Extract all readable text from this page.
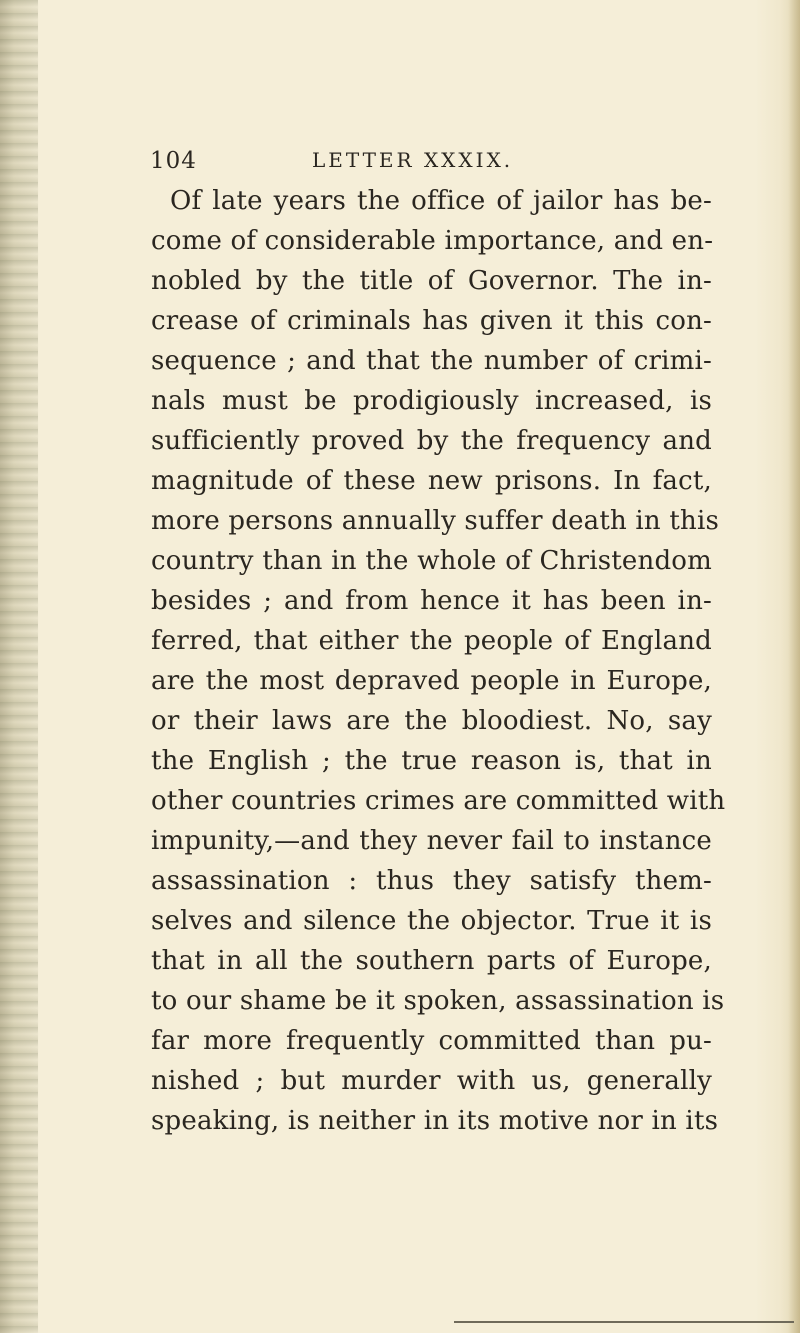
104	LETTER XXXIX.
Of late years the office of jailor has be-
come of considerable importance, and en-
nobled by the title of Governor. The in-
crease of criminals has given it this con-
sequence ; and that the number of crimi-
nals must be prodigiously increased, is
sufficiently proved by the frequency and
magnitude of these new prisons. In fact,
more persons annually suffer death in this
country than in the whole of Christendom
besides ; and from hence it has been in-
ferred, that either the people of England
are the most depraved people in Europe,
or their laws are the bloodiest. No, say
the English ; the true reason is, that in
other countries crimes are committed with
impunity,—and they never fail to instance
assassination : thus they satisfy them-
selves and silence the objector. True it is
that in all the southern parts of Europe,
to our shame be it spoken, assassination is
far more frequently committed than pu-
nished ; but murder with us, generally
speaking, is neither in its motive nor in its
